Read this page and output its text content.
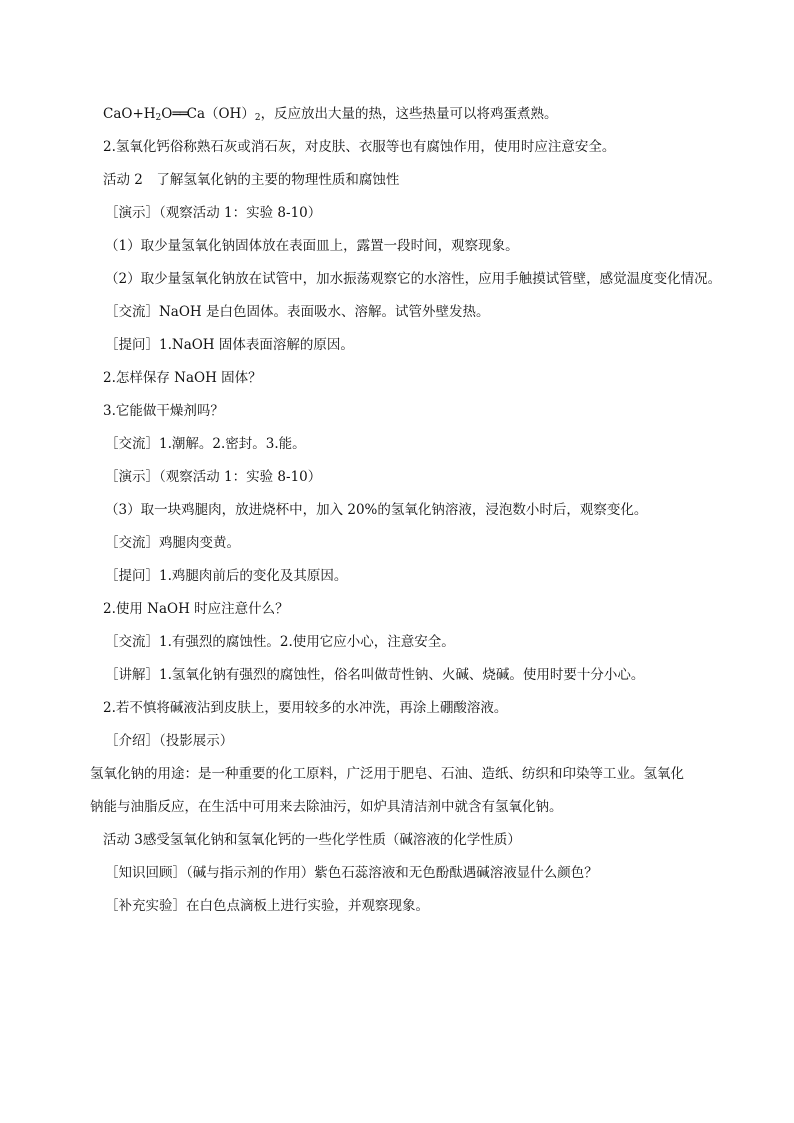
$CaO+H_2O══Ca(OH)_2$，反应放出大量的热，这些热量可以将鸡蛋煮熟。
2.氢氧化钙俗称熟石灰或消石灰，对皮肤、衣服等也有腐蚀作用，使用时应注意安全。
活动 2　了解氢氧化钠的主要的物理性质和腐蚀性
［演示］（观察活动 1：实验 8-10）
（1）取少量氢氧化钠固体放在表面皿上，露置一段时间，观察现象。
（2）取少量氢氧化钠放在试管中，加水振荡观察它的水溶性，应用手触摸试管壁，感觉温度变化情况。
［交流］NaOH 是白色固体。表面吸水、溶解。试管外壁发热。
［提问］1.NaOH 固体表面溶解的原因。
2.怎样保存 NaOH 固体？
3.它能做干燥剂吗？
［交流］1.潮解。2.密封。3.能。
［演示］（观察活动 1：实验 8-10）
（3）取一块鸡腿肉，放进烧杯中，加入 20%的氢氧化钠溶液，浸泡数小时后，观察变化。
［交流］鸡腿肉变黄。
［提问］1.鸡腿肉前后的变化及其原因。
2.使用 NaOH 时应注意什么？
［交流］1.有强烈的腐蚀性。2.使用它应小心，注意安全。
［讲解］1.氢氧化钠有强烈的腐蚀性，俗名叫做苛性钠、火碱、烧碱。使用时要十分小心。
2.若不慎将碱液沾到皮肤上，要用较多的水冲洗，再涂上硼酸溶液。
［介绍］（投影展示）
氢氧化钠的用途：是一种重要的化工原料，广泛用于肥皂、石油、造纸、纺织和印染等工业。氢氧化钠能与油脂反应，在生活中可用来去除油污，如炉具清洁剂中就含有氢氧化钠。
活动 3感受氢氧化钠和氢氧化钙的一些化学性质（碱溶液的化学性质）
［知识回顾］（碱与指示剂的作用）紫色石蕊溶液和无色酚酞遇碱溶液显什么颜色？
［补充实验］在白色点滴板上进行实验，并观察现象。
